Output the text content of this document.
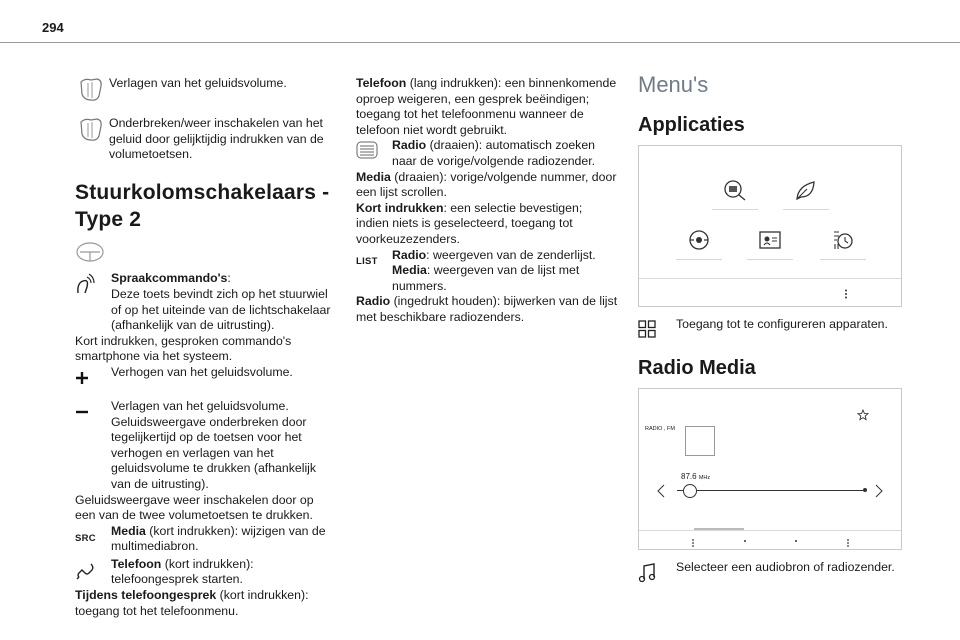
294

Verlagen van het geluidsvolume.

Onderbreken/weer inschakelen van het geluid door gelijktijdig indrukken van de volumetoetsen.

Stuurkolomschakelaars - Type 2

Spraakcommando's:
Deze toets bevindt zich op het stuurwiel of op het uiteinde van de lichtschakelaar (afhankelijk van de uitrusting).

Kort indrukken, gesproken commando's smartphone via het systeem.

Verhogen van het geluidsvolume.

Verlagen van het geluidsvolume.
Geluidsweergave onderbreken door tegelijkertijd op de toetsen voor het verhogen en verlagen van het geluidsvolume te drukken (afhankelijk van de uitrusting).

Geluidsweergave weer inschakelen door op een van de twee volumetoetsen te drukken.

SRC

Media (kort indrukken): wijzigen van de multimediabron.

Telefoon (kort indrukken): telefoongesprek starten.

Tijdens telefoongesprek (kort indrukken): toegang tot het telefoonmenu.

Telefoon (lang indrukken): een binnenkomende oproep weigeren, een gesprek beëindigen; toegang tot het telefoonmenu wanneer de telefoon niet wordt gebruikt.

Radio (draaien): automatisch zoeken naar de vorige/volgende radiozender.

Media (draaien): vorige/volgende nummer, door een lijst scrollen.

Kort indrukken: een selectie bevestigen; indien niets is geselecteerd, toegang tot voorkeuzezenders.

LIST Radio: weergeven van de zenderlijst.
Media: weergeven van de lijst met nummers.

Radio (ingedrukt houden): bijwerken van de lijst met beschikbare radiozenders.

Menu's
Applicaties

Toegang tot te configureren apparaten.

Radio Media
RADIO , FM
87.6 MHz

Selecteer een audiobron of radiozender.
